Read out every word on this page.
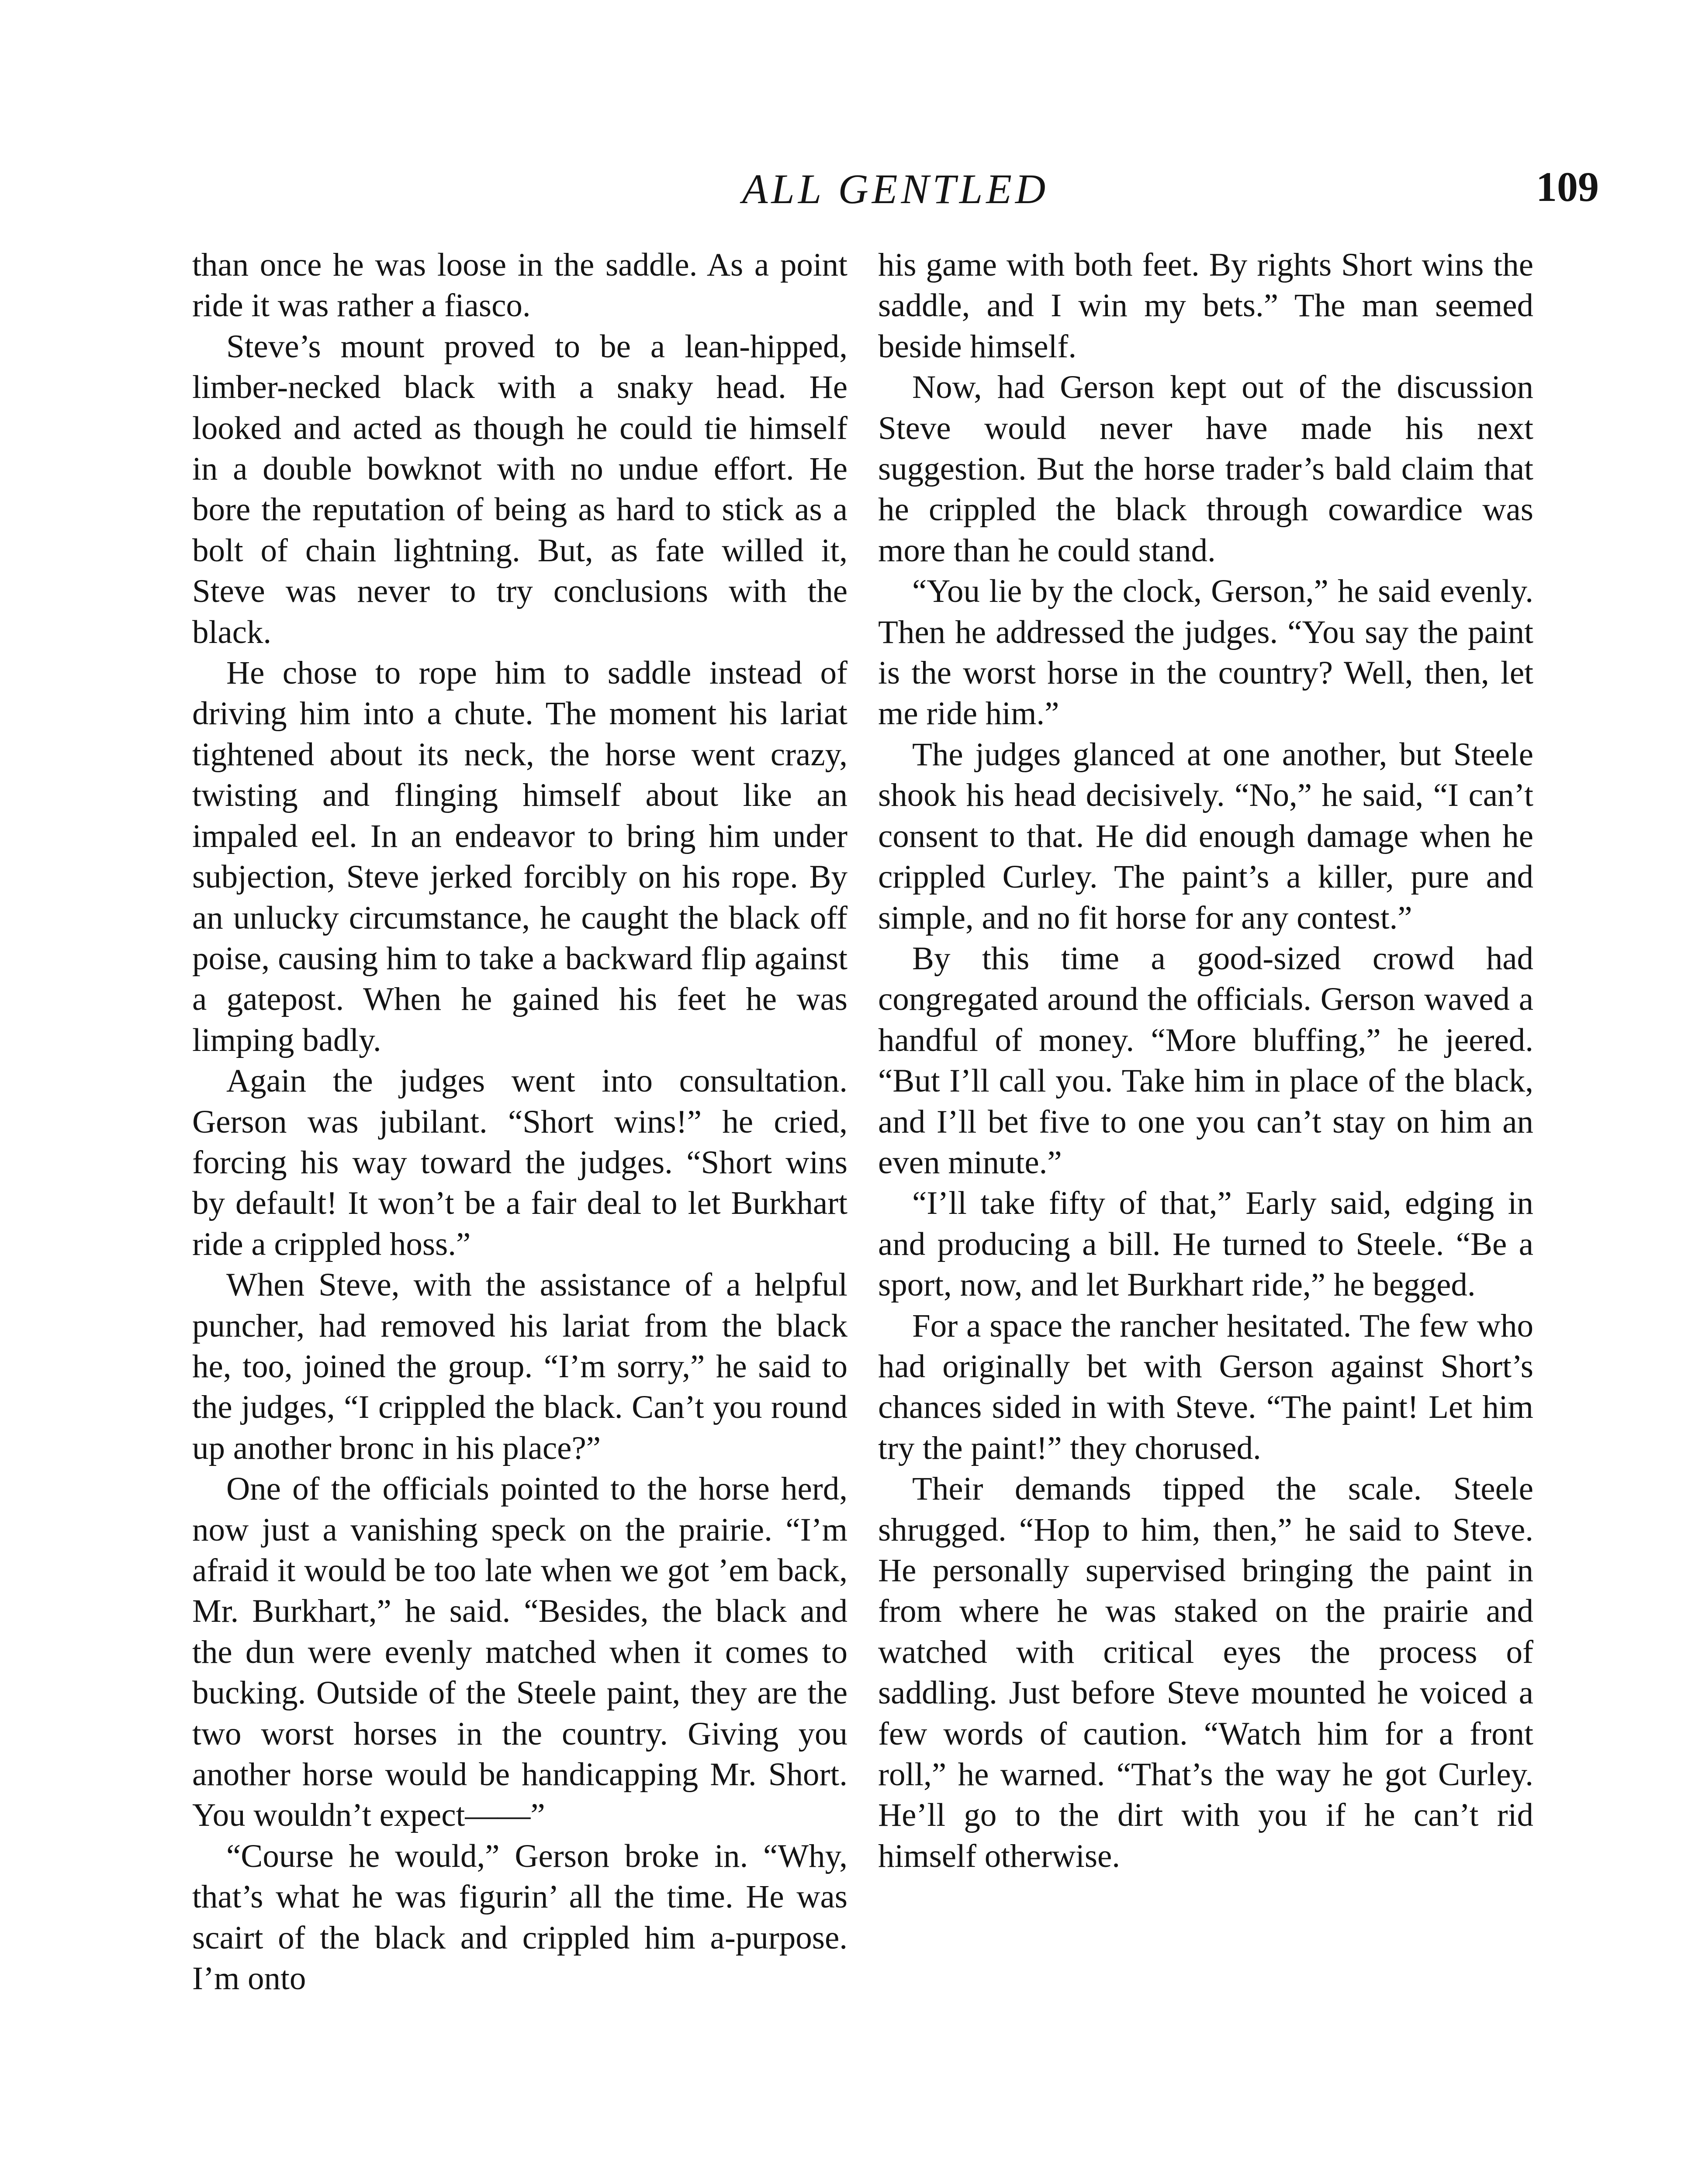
ALL GENTLED	109

than once he was loose in the saddle. As a point ride it was rather a fiasco.

Steve’s mount proved to be a lean-hipped, limber-necked black with a snaky head. He looked and acted as though he could tie himself in a double bowknot with no undue effort. He bore the reputation of being as hard to stick as a bolt of chain lightning. But, as fate willed it, Steve was never to try conclusions with the black.

He chose to rope him to saddle instead of driving him into a chute. The moment his lariat tightened about its neck, the horse went crazy, twisting and flinging himself about like an impaled eel. In an endeavor to bring him under subjection, Steve jerked forcibly on his rope. By an unlucky circumstance, he caught the black off poise, causing him to take a backward flip against a gatepost. When he gained his feet he was limping badly.

Again the judges went into consultation. Gerson was jubilant. “Short wins!” he cried, forcing his way toward the judges. “Short wins by default! It won’t be a fair deal to let Burkhart ride a crippled hoss.”

When Steve, with the assistance of a helpful puncher, had removed his lariat from the black he, too, joined the group. “I’m sorry,” he said to the judges, “I crippled the black. Can’t you round up another bronc in his place?”

One of the officials pointed to the horse herd, now just a vanishing speck on the prairie. “I’m afraid it would be too late when we got ’em back, Mr. Burkhart,” he said. “Besides, the black and the dun were evenly matched when it comes to bucking. Outside of the Steele paint, they are the two worst horses in the country. Giving you another horse would be handicapping Mr. Short. You wouldn’t expect——”

“Course he would,” Gerson broke in. “Why, that’s what he was figurin’ all the time. He was scairt of the black and crippled him a-purpose. I’m onto

his game with both feet. By rights Short wins the saddle, and I win my bets.” The man seemed beside himself.

Now, had Gerson kept out of the discussion Steve would never have made his next suggestion. But the horse trader’s bald claim that he crippled the black through cowardice was more than he could stand.

“You lie by the clock, Gerson,” he said evenly. Then he addressed the judges. “You say the paint is the worst horse in the country? Well, then, let me ride him.”

The judges glanced at one another, but Steele shook his head decisively. “No,” he said, “I can’t consent to that. He did enough damage when he crippled Curley. The paint’s a killer, pure and simple, and no fit horse for any contest.”

By this time a good-sized crowd had congregated around the officials. Gerson waved a handful of money. “More bluffing,” he jeered. “But I’ll call you. Take him in place of the black, and I’ll bet five to one you can’t stay on him an even minute.”

“I’ll take fifty of that,” Early said, edging in and producing a bill. He turned to Steele. “Be a sport, now, and let Burkhart ride,” he begged.

For a space the rancher hesitated. The few who had originally bet with Gerson against Short’s chances sided in with Steve. “The paint! Let him try the paint!” they chorused.

Their demands tipped the scale. Steele shrugged. “Hop to him, then,” he said to Steve. He personally supervised bringing the paint in from where he was staked on the prairie and watched with critical eyes the process of saddling. Just before Steve mounted he voiced a few words of caution. “Watch him for a front roll,” he warned. “That’s the way he got Curley. He’ll go to the dirt with you if he can’t rid himself otherwise.
